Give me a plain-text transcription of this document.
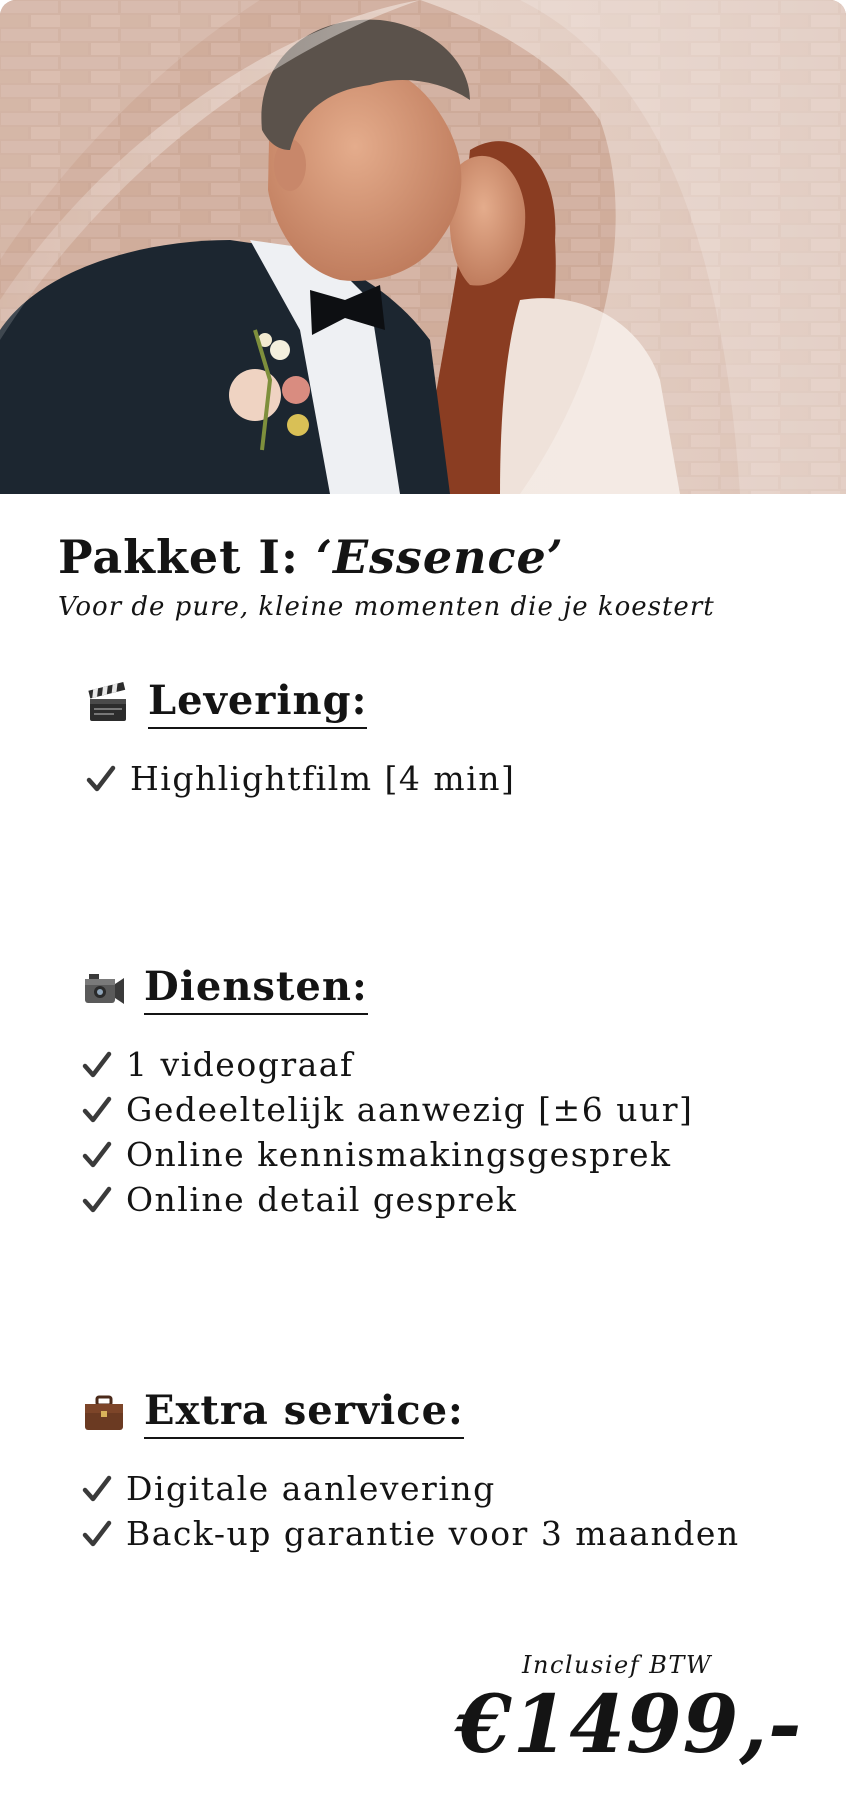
Pakket I: ‘Essence’

Voor de pure, kleine momenten die je koestert

Levering:
Highlightfilm [4 min]
Diensten:
1 videograaf
Gedeeltelijk aanwezig [±6 uur]
Online kennismakingsgesprek
Online detail gesprek
Extra service:
Digitale aanlevering
Back-up garantie voor 3 maanden
Inclusief BTW
€1499,-
